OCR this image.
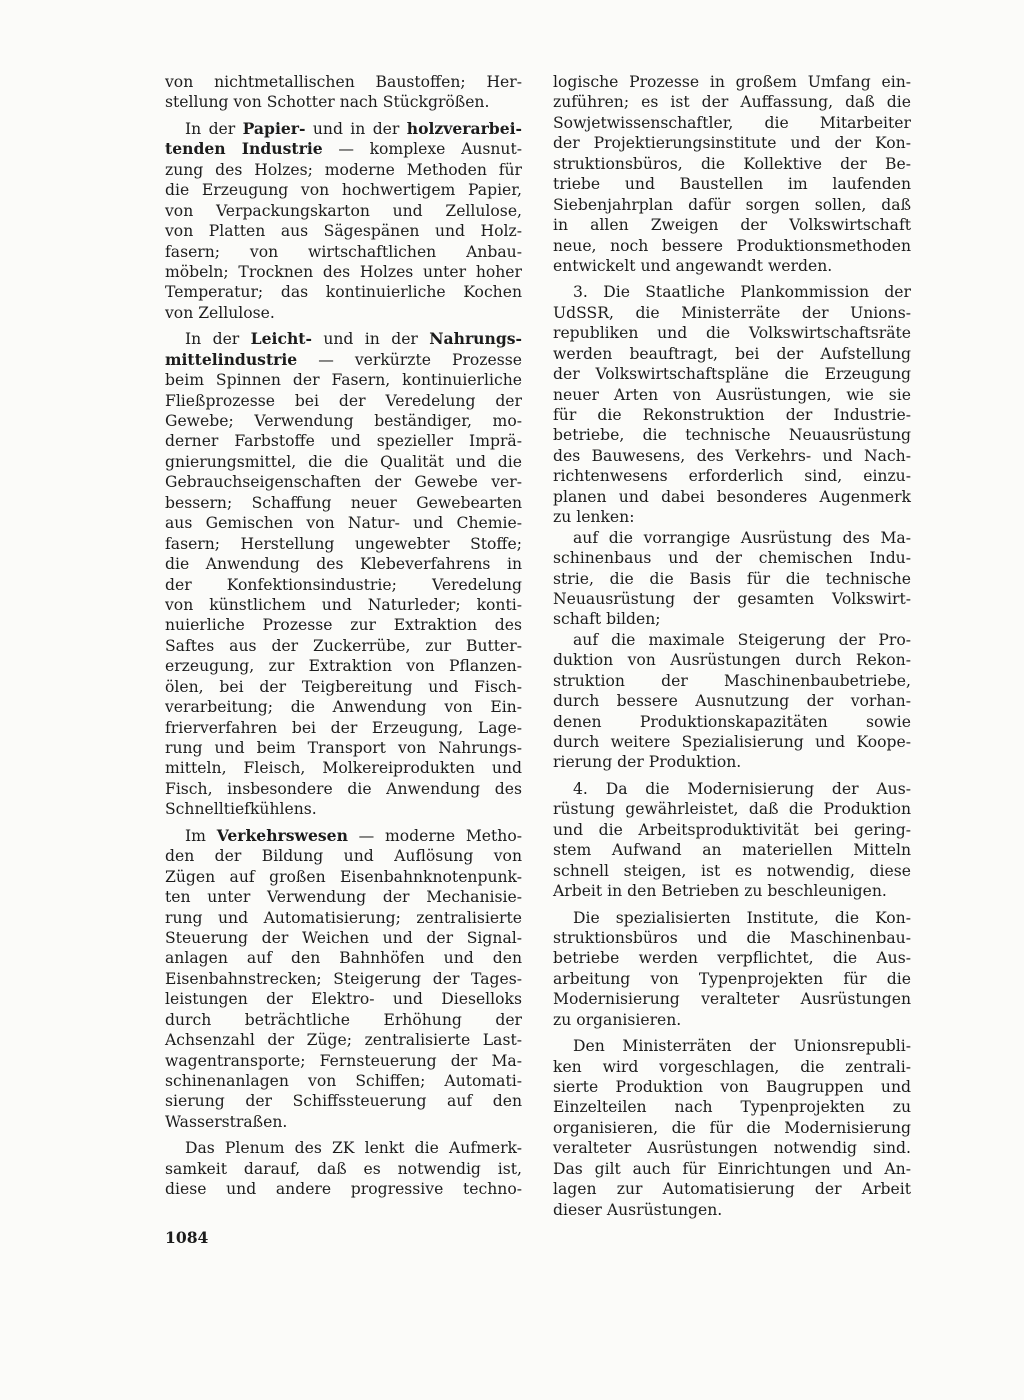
von nichtmetallischen Baustoffen; Her-
stellung von Schotter nach Stückgrößen.
In der Papier- und in der holzverarbei-
tenden Industrie — komplexe Ausnut-
zung des Holzes; moderne Methoden für
die Erzeugung von hochwertigem Papier,
von Verpackungskarton und Zellulose,
von Platten aus Sägespänen und Holz-
fasern; von wirtschaftlichen Anbau-
möbeln; Trocknen des Holzes unter hoher
Temperatur; das kontinuierliche Kochen
von Zellulose.
In der Leicht- und in der Nahrungs-
mittelindustrie — verkürzte Prozesse
beim Spinnen der Fasern, kontinuierliche
Fließprozesse bei der Veredelung der
Gewebe; Verwendung beständiger, mo-
derner Farbstoffe und spezieller Imprä-
gnierungsmittel, die die Qualität und die
Gebrauchseigenschaften der Gewebe ver-
bessern; Schaffung neuer Gewebearten
aus Gemischen von Natur- und Chemie-
fasern; Herstellung ungewebter Stoffe;
die Anwendung des Klebeverfahrens in
der Konfektionsindustrie; Veredelung
von künstlichem und Naturleder; konti-
nuierliche Prozesse zur Extraktion des
Saftes aus der Zuckerrübe, zur Butter-
erzeugung, zur Extraktion von Pflanzen-
ölen, bei der Teigbereitung und Fisch-
verarbeitung; die Anwendung von Ein-
frierverfahren bei der Erzeugung, Lage-
rung und beim Transport von Nahrungs-
mitteln, Fleisch, Molkereiprodukten und
Fisch, insbesondere die Anwendung des
Schnelltiefkühlens.
Im Verkehrswesen — moderne Metho-
den der Bildung und Auflösung von
Zügen auf großen Eisenbahnknotenpunk-
ten unter Verwendung der Mechanisie-
rung und Automatisierung; zentralisierte
Steuerung der Weichen und der Signal-
anlagen auf den Bahnhöfen und den
Eisenbahnstrecken; Steigerung der Tages-
leistungen der Elektro- und Dieselloks
durch beträchtliche Erhöhung der
Achsenzahl der Züge; zentralisierte Last-
wagentransporte; Fernsteuerung der Ma-
schinenanlagen von Schiffen; Automati-
sierung der Schiffssteuerung auf den
Wasserstraßen.
Das Plenum des ZK lenkt die Aufmerk-
samkeit darauf, daß es notwendig ist,
diese und andere progressive techno-
logische Prozesse in großem Umfang ein-
zuführen; es ist der Auffassung, daß die
Sowjetwissenschaftler, die Mitarbeiter
der Projektierungsinstitute und der Kon-
struktionsbüros, die Kollektive der Be-
triebe und Baustellen im laufenden
Siebenjahrplan dafür sorgen sollen, daß
in allen Zweigen der Volkswirtschaft
neue, noch bessere Produktionsmethoden
entwickelt und angewandt werden.
3. Die Staatliche Plankommission der
UdSSR, die Ministerräte der Unions-
republiken und die Volkswirtschaftsräte
werden beauftragt, bei der Aufstellung
der Volkswirtschaftspläne die Erzeugung
neuer Arten von Ausrüstungen, wie sie
für die Rekonstruktion der Industrie-
betriebe, die technische Neuausrüstung
des Bauwesens, des Verkehrs- und Nach-
richtenwesens erforderlich sind, einzu-
planen und dabei besonderes Augenmerk
zu lenken:
auf die vorrangige Ausrüstung des Ma-
schinenbaus und der chemischen Indu-
strie, die die Basis für die technische
Neuausrüstung der gesamten Volkswirt-
schaft bilden;
auf die maximale Steigerung der Pro-
duktion von Ausrüstungen durch Rekon-
struktion der Maschinenbaubetriebe,
durch bessere Ausnutzung der vorhan-
denen Produktionskapazitäten sowie
durch weitere Spezialisierung und Koope-
rierung der Produktion.
4. Da die Modernisierung der Aus-
rüstung gewährleistet, daß die Produktion
und die Arbeitsproduktivität bei gering-
stem Aufwand an materiellen Mitteln
schnell steigen, ist es notwendig, diese
Arbeit in den Betrieben zu beschleunigen.
Die spezialisierten Institute, die Kon-
struktionsbüros und die Maschinenbau-
betriebe werden verpflichtet, die Aus-
arbeitung von Typenprojekten für die
Modernisierung veralteter Ausrüstungen
zu organisieren.
Den Ministerräten der Unionsrepubli-
ken wird vorgeschlagen, die zentrali-
sierte Produktion von Baugruppen und
Einzelteilen nach Typenprojekten zu
organisieren, die für die Modernisierung
veralteter Ausrüstungen notwendig sind.
Das gilt auch für Einrichtungen und An-
lagen zur Automatisierung der Arbeit
dieser Ausrüstungen.
1084
